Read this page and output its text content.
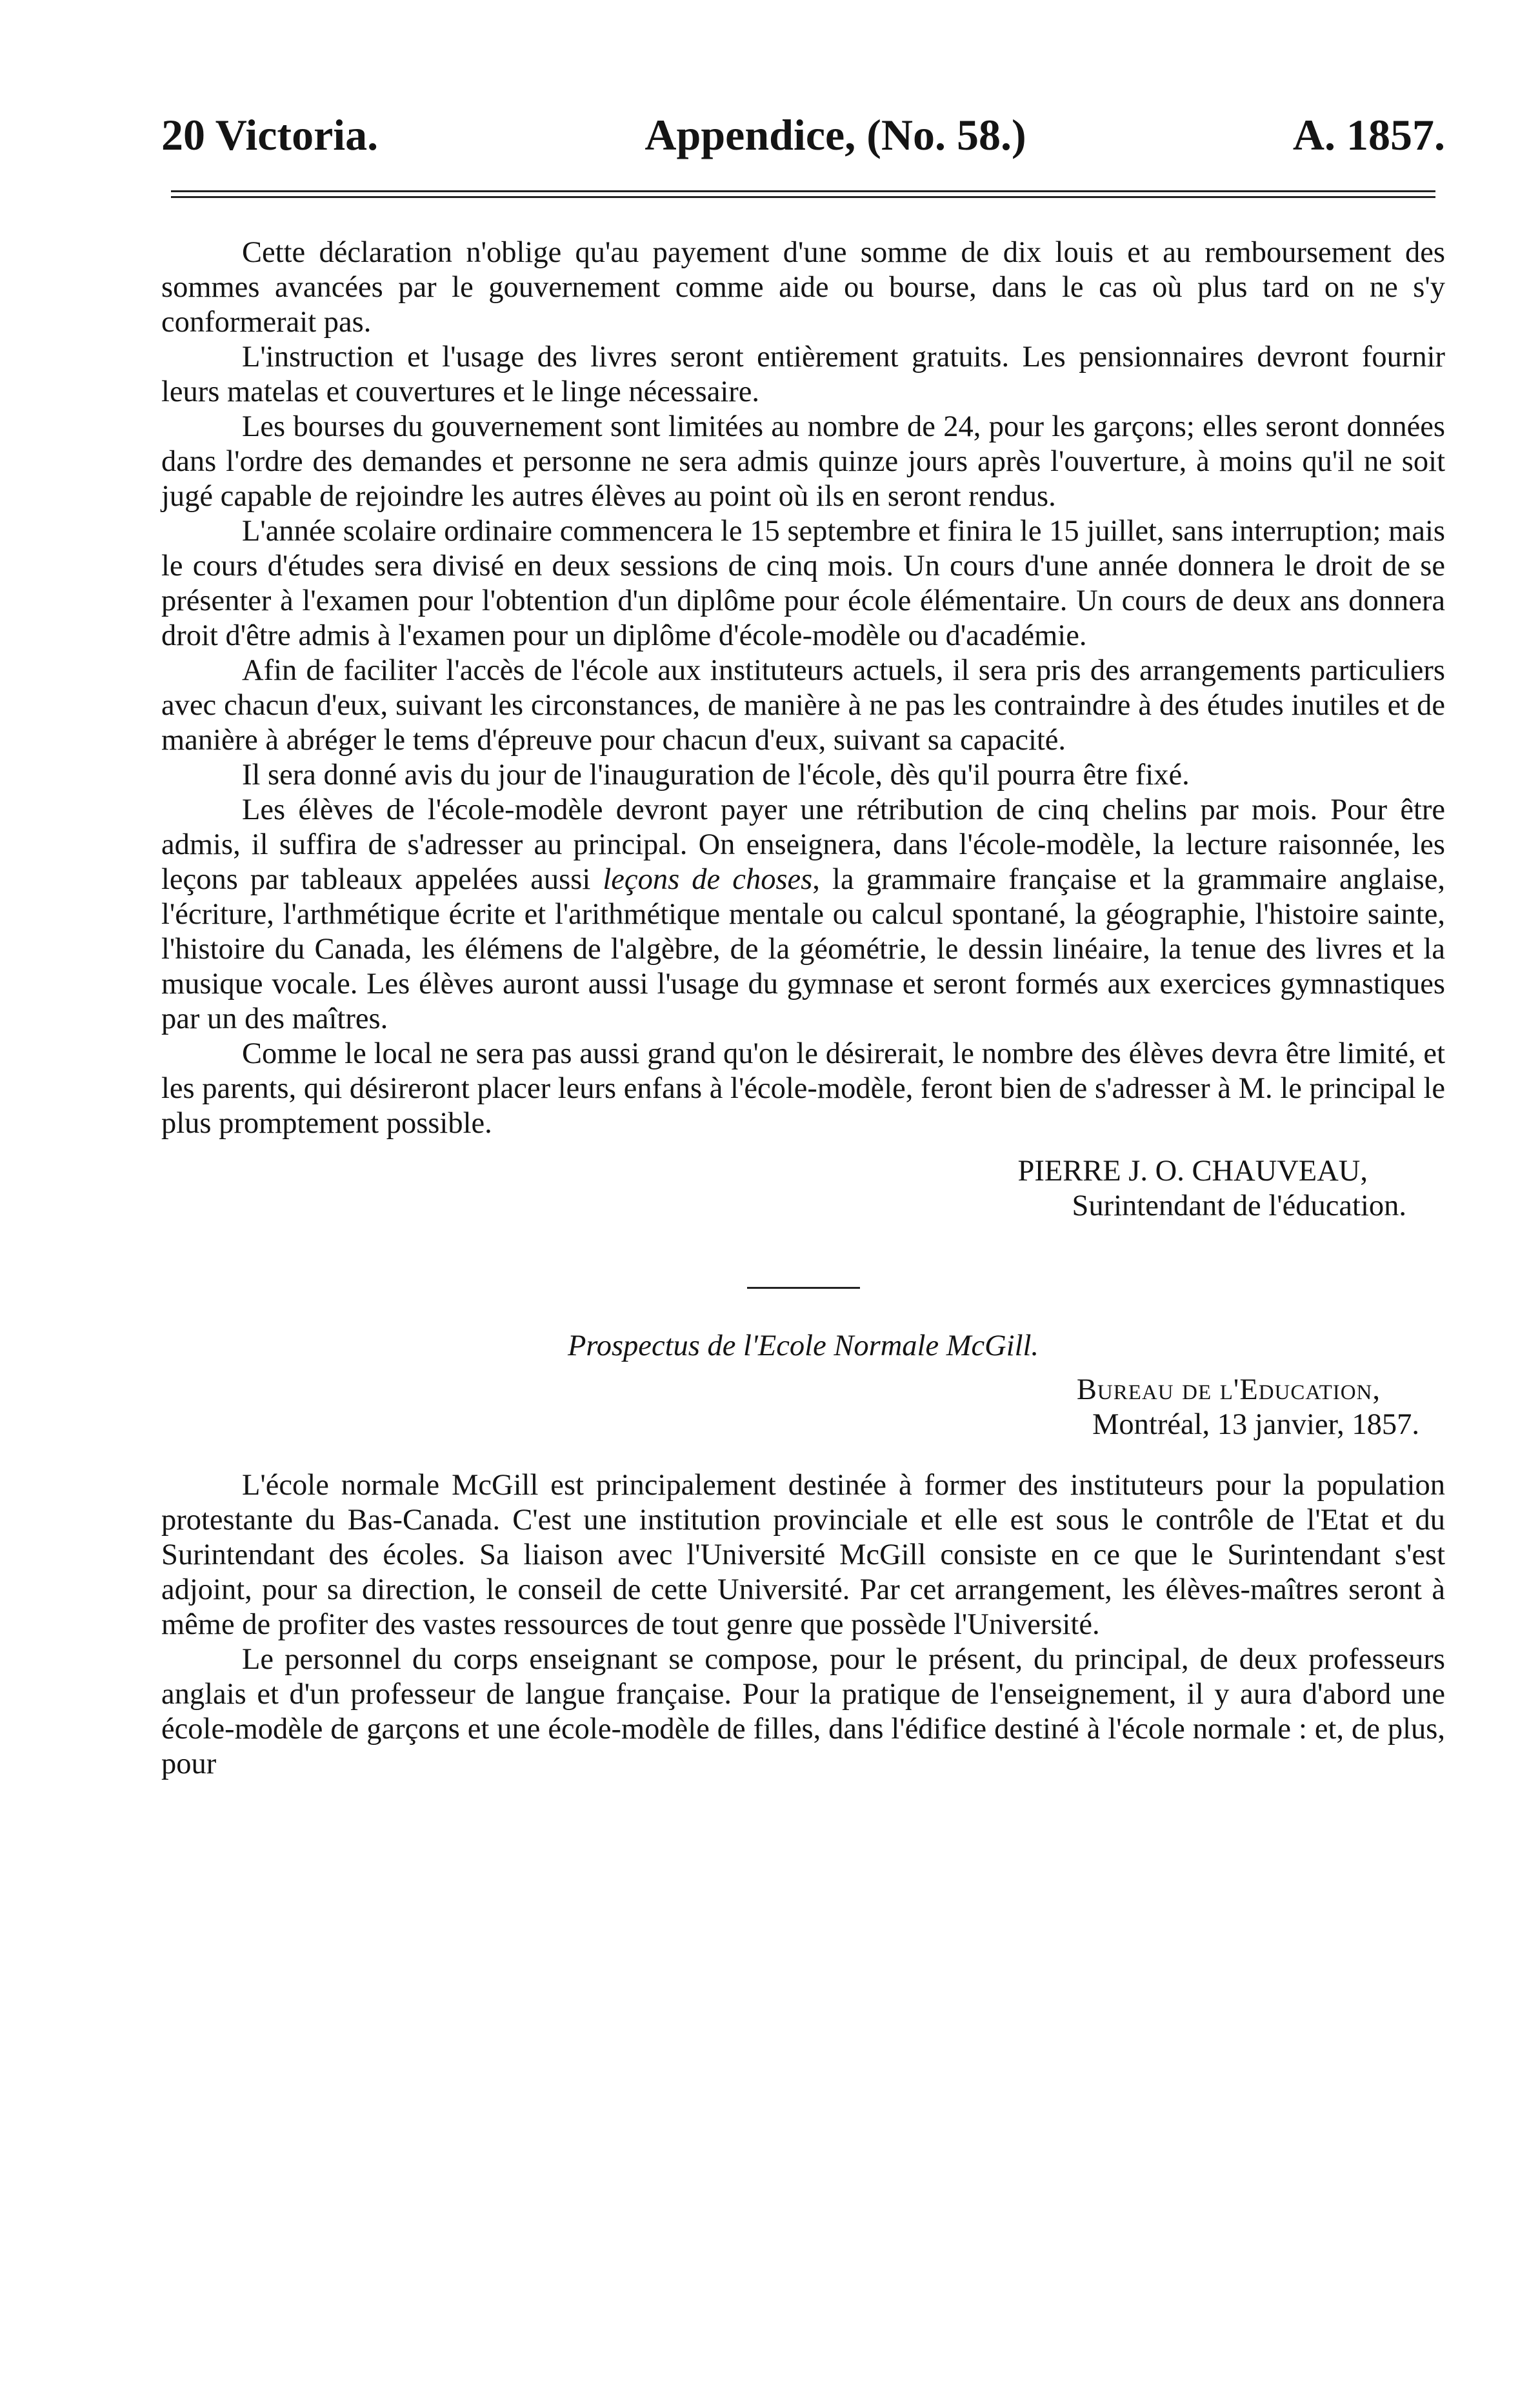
20 Victoria.	Appendice, (No. 58.)	A. 1857.

Cette déclaration n'oblige qu'au payement d'une somme de dix louis et au remboursement des sommes avancées par le gouvernement comme aide ou bourse, dans le cas où plus tard on ne s'y conformerait pas.

L'instruction et l'usage des livres seront entièrement gratuits. Les pensionnaires devront fournir leurs matelas et couvertures et le linge nécessaire.

Les bourses du gouvernement sont limitées au nombre de 24, pour les garçons; elles seront données dans l'ordre des demandes et personne ne sera admis quinze jours après l'ouverture, à moins qu'il ne soit jugé capable de rejoindre les autres élèves au point où ils en seront rendus.

L'année scolaire ordinaire commencera le 15 septembre et finira le 15 juillet, sans interruption; mais le cours d'études sera divisé en deux sessions de cinq mois. Un cours d'une année donnera le droit de se présenter à l'examen pour l'obtention d'un diplôme pour école élémentaire. Un cours de deux ans donnera droit d'être admis à l'examen pour un diplôme d'école-modèle ou d'académie.

Afin de faciliter l'accès de l'école aux instituteurs actuels, il sera pris des arrangements particuliers avec chacun d'eux, suivant les circonstances, de manière à ne pas les contraindre à des études inutiles et de manière à abréger le tems d'épreuve pour chacun d'eux, suivant sa capacité.

Il sera donné avis du jour de l'inauguration de l'école, dès qu'il pourra être fixé.

Les élèves de l'école-modèle devront payer une rétribution de cinq chelins par mois. Pour être admis, il suffira de s'adresser au principal. On enseignera, dans l'école-modèle, la lecture raisonnée, les leçons par tableaux appelées aussi leçons de choses, la grammaire française et la grammaire anglaise, l'écriture, l'arthmétique écrite et l'arithmétique mentale ou calcul spontané, la géographie, l'histoire sainte, l'histoire du Canada, les élémens de l'algèbre, de la géométrie, le dessin linéaire, la tenue des livres et la musique vocale. Les élèves auront aussi l'usage du gymnase et seront formés aux exercices gymnastiques par un des maîtres.

Comme le local ne sera pas aussi grand qu'on le désirerait, le nombre des élèves devra être limité, et les parents, qui désireront placer leurs enfans à l'école-modèle, feront bien de s'adresser à M. le principal le plus promptement possible.

PIERRE J. O. CHAUVEAU,
Surintendant de l'éducation.
Prospectus de l'Ecole Normale McGill.
Bureau de l'Education,
Montréal, 13 janvier, 1857.

L'école normale McGill est principalement destinée à former des instituteurs pour la population protestante du Bas-Canada. C'est une institution provinciale et elle est sous le contrôle de l'Etat et du Surintendant des écoles. Sa liaison avec l'Université McGill consiste en ce que le Surintendant s'est adjoint, pour sa direction, le conseil de cette Université. Par cet arrangement, les élèves-maîtres seront à même de profiter des vastes ressources de tout genre que possède l'Université.

Le personnel du corps enseignant se compose, pour le présent, du principal, de deux professeurs anglais et d'un professeur de langue française. Pour la pratique de l'enseignement, il y aura d'abord une école-modèle de garçons et une école-modèle de filles, dans l'édifice destiné à l'école normale : et, de plus, pour
